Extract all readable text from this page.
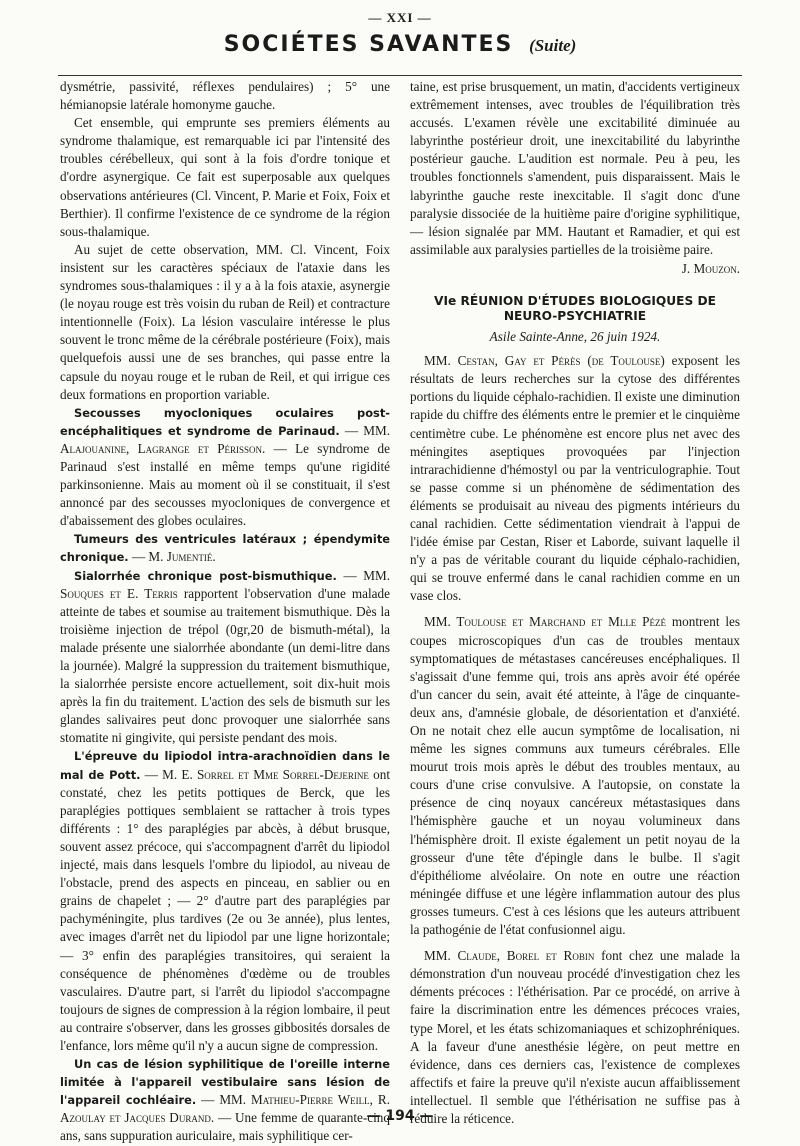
— XXI —
SOCIÉTES SAVANTES (Suite)

dysmétrie, passivité, réflexes pendulaires) ; 5° une hémianopsie latérale homonyme gauche.

Cet ensemble, qui emprunte ses premiers éléments au syndrome thalamique, est remarquable ici par l'intensité des troubles cérébelleux, qui sont à la fois d'ordre tonique et d'ordre asynergique. Ce fait est superposable aux quelques observations antérieures (Cl. Vincent, P. Marie et Foix, Foix et Berthier). Il confirme l'existence de ce syndrome de la région sous-thalamique.

Au sujet de cette observation, MM. Cl. Vincent, Foix insistent sur les caractères spéciaux de l'ataxie dans les syndromes sous-thalamiques : il y a à la fois ataxie, asynergie (le noyau rouge est très voisin du ruban de Reil) et contracture intentionnelle (Foix). La lésion vasculaire intéresse le plus souvent le tronc même de la cérébrale postérieure (Foix), mais quelquefois aussi une de ses branches, qui passe entre la capsule du noyau rouge et le ruban de Reil, et qui irrigue ces deux formations en proportion variable.

Secousses myocloniques oculaires post-encéphalitiques et syndrome de Parinaud. — MM. Alajouanine, Lagrange et Périsson. — Le syndrome de Parinaud s'est installé en même temps qu'une rigidité parkinsonienne. Mais au moment où il se constituait, il s'est annoncé par des secousses myocloniques de convergence et d'abaissement des globes oculaires.

Tumeurs des ventricules latéraux ; épendymite chronique. — M. Jumentié.

Sialorrhée chronique post-bismuthique. — MM. Souques et E. Terris rapportent l'observation d'une malade atteinte de tabes et soumise au traitement bismuthique. Dès la troisième injection de trépol (0gr,20 de bismuth-métal), la malade présente une sialorrhée abondante (un demi-litre dans la journée). Malgré la suppression du traitement bismuthique, la sialorrhée persiste encore actuellement, soit dix-huit mois après la fin du traitement. L'action des sels de bismuth sur les glandes salivaires peut donc provoquer une sialorrhée sans stomatite ni gingivite, qui persiste pendant des mois.

L'épreuve du lipiodol intra-arachnoïdien dans le mal de Pott. — M. E. Sorrel et Mme Sorrel-Dejerine ont constaté, chez les petits pottiques de Berck, que les paraplégies pottiques semblaient se rattacher à trois types différents : 1° des paraplégies par abcès, à début brusque, souvent assez précoce, qui s'accompagnent d'arrêt du lipiodol injecté, mais dans lesquels l'ombre du lipiodol, au niveau de l'obstacle, prend des aspects en pinceau, en sablier ou en grains de chapelet ; — 2° d'autre part des paraplégies par pachyméningite, plus tardives (2e ou 3e année), plus lentes, avec images d'arrêt net du lipiodol par une ligne horizontale; — 3° enfin des paraplégies transitoires, qui seraient la conséquence de phénomènes d'œdème ou de troubles vasculaires. D'autre part, si l'arrêt du lipiodol s'accompagne toujours de signes de compression à la région lombaire, il peut au contraire s'observer, dans les grosses gibbosités dorsales de l'enfance, lors même qu'il n'y a aucun signe de compression.

Un cas de lésion syphilitique de l'oreille interne limitée à l'appareil vestibulaire sans lésion de l'appareil cochléaire. — MM. Mathieu-Pierre Weill, R. Azoulay et Jacques Durand. — Une femme de quarante-cinq ans, sans suppuration auriculaire, mais syphilitique cer-

taine, est prise brusquement, un matin, d'accidents vertigineux extrêmement intenses, avec troubles de l'équilibration très accusés. L'examen révèle une excitabilité diminuée au labyrinthe postérieur droit, une inexcitabilité du labyrinthe postérieur gauche. L'audition est normale. Peu à peu, les troubles fonctionnels s'amendent, puis disparaissent. Mais le labyrinthe gauche reste inexcitable. Il s'agit donc d'une paralysie dissociée de la huitième paire d'origine syphilitique, — lésion signalée par MM. Hautant et Ramadier, et qui est assimilable aux paralysies partielles de la troisième paire.

J. Mouzon.
VIe RÉUNION D'ÉTUDES BIOLOGIQUES DE
NEURO-PSYCHIATRIE
Asile Sainte-Anne, 26 juin 1924.

MM. Cestan, Gay et Pérès (de Toulouse) exposent les résultats de leurs recherches sur la cytose des différentes portions du liquide céphalo-rachidien. Il existe une diminution rapide du chiffre des éléments entre le premier et le cinquième centimètre cube. Le phénomène est encore plus net avec des méningites aseptiques provoquées par l'injection intrarachidienne d'hémostyl ou par la ventriculographie. Tout se passe comme si un phénomène de sédimentation des éléments se produisait au niveau des pigments intérieurs du canal rachidien. Cette sédimentation viendrait à l'appui de l'idée émise par Cestan, Riser et Laborde, suivant laquelle il n'y a pas de véritable courant du liquide céphalo-rachidien, qui se trouve enfermé dans le canal rachidien comme en un vase clos.

MM. Toulouse et Marchand et Mlle Pézé montrent les coupes microscopiques d'un cas de troubles mentaux symptomatiques de métastases cancéreuses encéphaliques. Il s'agissait d'une femme qui, trois ans après avoir été opérée d'un cancer du sein, avait été atteinte, à l'âge de cinquante-deux ans, d'amnésie globale, de désorientation et d'anxiété. On ne notait chez elle aucun symptôme de localisation, ni même les signes communs aux tumeurs cérébrales. Elle mourut trois mois après le début des troubles mentaux, au cours d'une crise convulsive. A l'autopsie, on constate la présence de cinq noyaux cancéreux métastasiques dans l'hémisphère gauche et un noyau volumineux dans l'hémisphère droit. Il existe également un petit noyau de la grosseur d'une tête d'épingle dans le bulbe. Il s'agit d'épithéliome alvéolaire. On note en outre une réaction méningée diffuse et une légère inflammation autour des plus grosses tumeurs. C'est à ces lésions que les auteurs attribuent la pathogénie de l'état confusionnel aigu.

MM. Claude, Borel et Robin font chez une malade la démonstration d'un nouveau procédé d'investigation chez les déments précoces : l'éthérisation. Par ce procédé, on arrive à faire la discrimination entre les démences précoces vraies, type Morel, et les états schizomaniaques et schizophréniques. A la faveur d'une anesthésie légère, on peut mettre en évidence, dans ces derniers cas, l'existence de complexes affectifs et faire la preuve qu'il n'existe aucun affaiblissement intellectuel. Il semble que l'éthérisation ne suffise pas à réduire la réticence.

— 194 —
